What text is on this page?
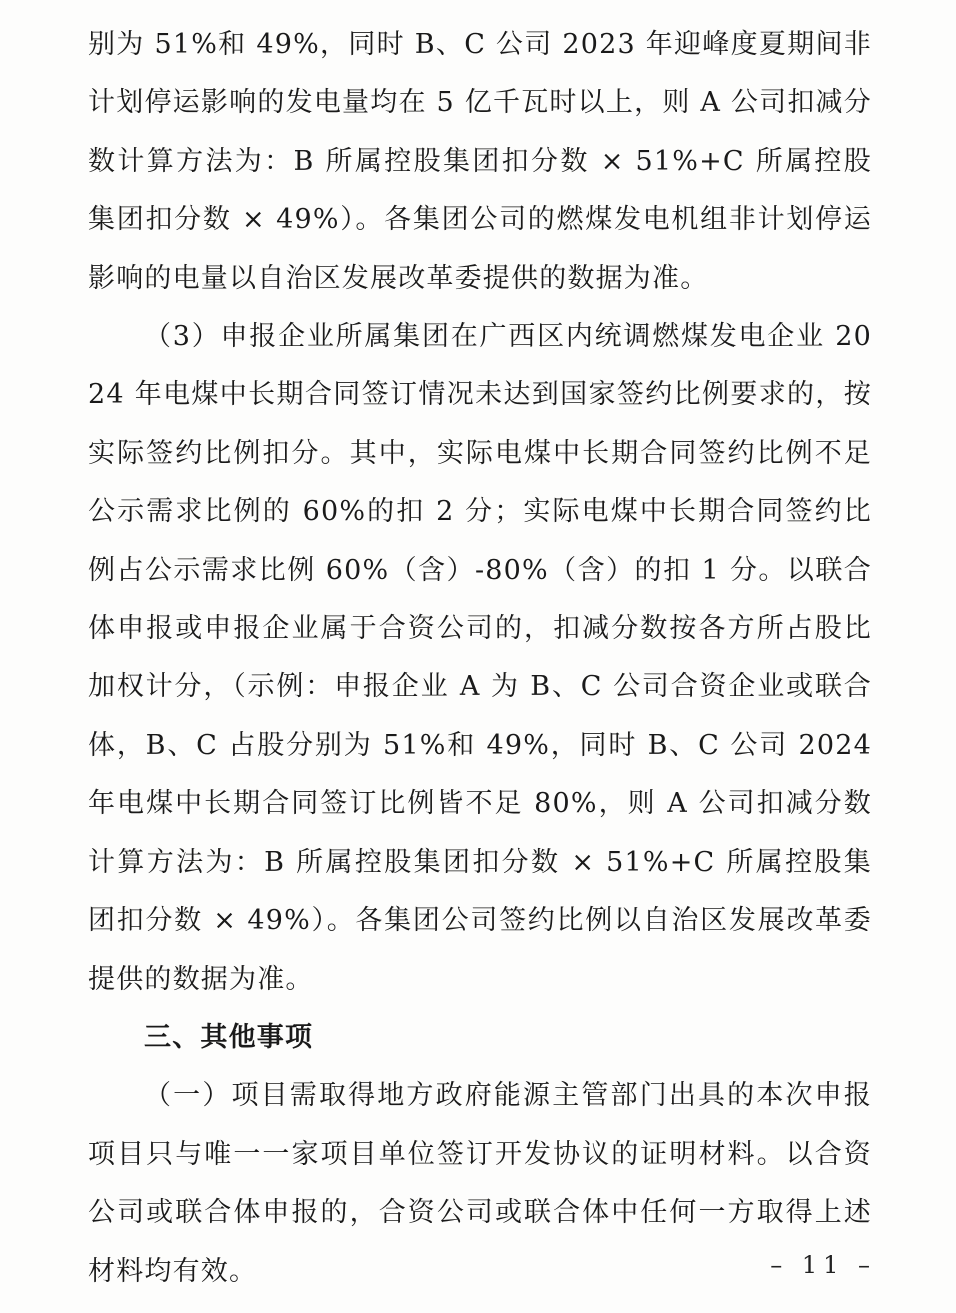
别为 51%和 49%，同时 B、C 公司 2023 年迎峰度夏期间非计划停运影响的发电量均在 5 亿千瓦时以上，则 A 公司扣减分数计算方法为：B 所属控股集团扣分数 × 51%+C 所属控股集团扣分数 × 49%）。各集团公司的燃煤发电机组非计划停运影响的电量以自治区发展改革委提供的数据为准。

（3）申报企业所属集团在广西区内统调燃煤发电企业 2024 年电煤中长期合同签订情况未达到国家签约比例要求的，按实际签约比例扣分。其中，实际电煤中长期合同签约比例不足公示需求比例的 60%的扣 2 分；实际电煤中长期合同签约比例占公示需求比例 60%（含）-80%（含）的扣 1 分。以联合体申报或申报企业属于合资公司的，扣减分数按各方所占股比加权计分，（示例：申报企业 A 为 B、C 公司合资企业或联合体，B、C 占股分别为 51%和 49%，同时 B、C 公司 2024 年电煤中长期合同签订比例皆不足 80%，则 A 公司扣减分数计算方法为：B 所属控股集团扣分数 × 51%+C 所属控股集团扣分数 × 49%）。各集团公司签约比例以自治区发展改革委提供的数据为准。

三、其他事项

（一）项目需取得地方政府能源主管部门出具的本次申报项目只与唯一一家项目单位签订开发协议的证明材料。以合资公司或联合体申报的，合资公司或联合体中任何一方取得上述材料均有效。	– 11 –
